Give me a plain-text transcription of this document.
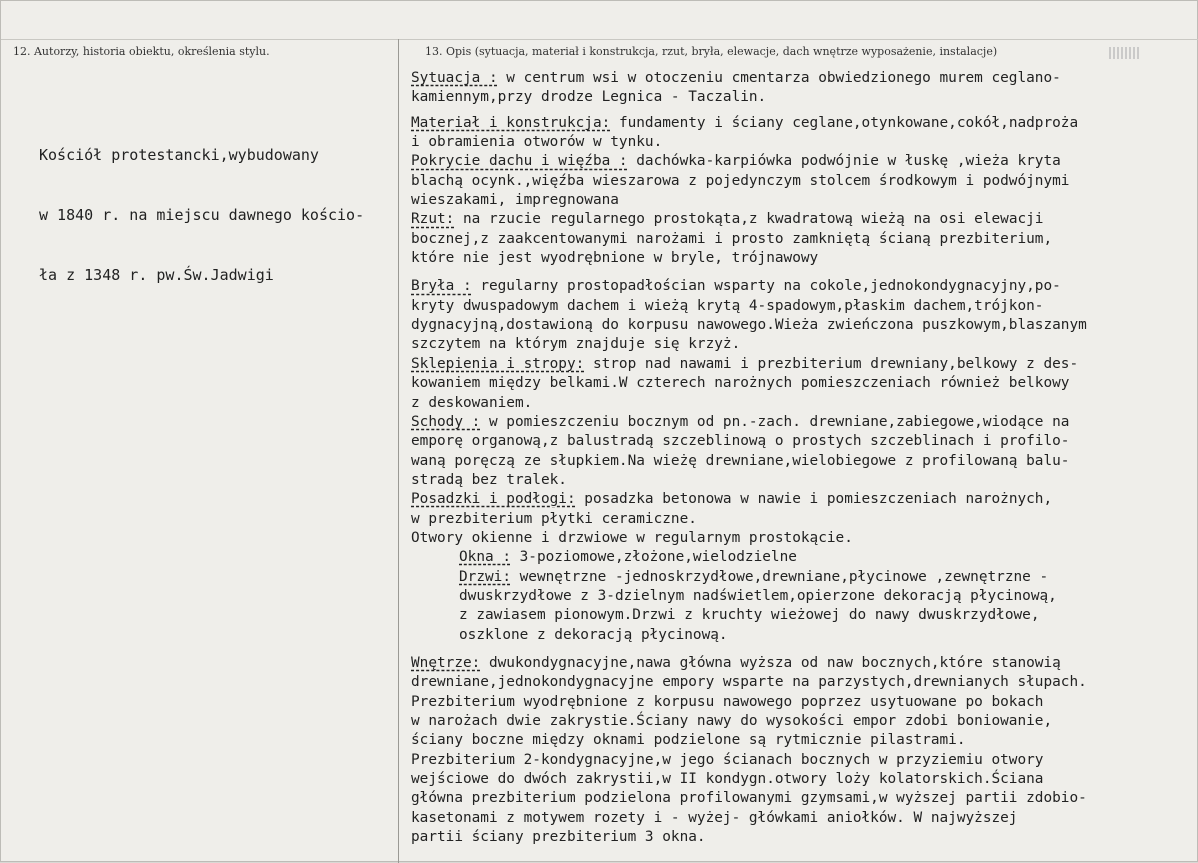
12. Autorzy, historia obiektu, określenia stylu.	13. Opis (sytuacja, materiał i konstrukcja, rzut, bryła, elewacje, dach wnętrze wyposażenie, instalacje)

Kościół protestancki,wybudowany

w 1840 r. na miejscu dawnego kościo-

ła z 1348 r. pw.Św.Jadwigi

Sytuacja : w centrum wsi w otoczeniu cmentarza obwiedzionego murem ceglano-
kamiennym,przy drodze Legnica - Taczalin.
Materiał i konstrukcja: fundamenty i ściany ceglane,otynkowane,cokół,nadproża
i obramienia otworów w tynku.
Pokrycie dachu i więźba : dachówka-karpiówka podwójnie w łuskę ,wieża kryta
blachą ocynk.,więźba wieszarowa z pojedynczym stolcem środkowym i podwójnymi
wieszakami, impregnowana
Rzut: na rzucie regularnego prostokąta,z kwadratową wieżą na osi elewacji
bocznej,z zaakcentowanymi narożami i prosto zamkniętą ścianą prezbiterium,
które nie jest wyodrębnione w bryle, trójnawowy
Bryła : regularny prostopadłościan wsparty na cokole,jednokondygnacyjny,po-
kryty dwuspadowym dachem i wieżą krytą 4-spadowym,płaskim dachem,trójkon-
dygnacyjną,dostawioną do korpusu nawowego.Wieża zwieńczona puszkowym,blaszanym
szczytem na którym znajduje się krzyż.
Sklepienia i stropy: strop nad nawami i prezbiterium drewniany,belkowy z des-
kowaniem między belkami.W czterech narożnych pomieszczeniach również belkowy
z deskowaniem.
Schody : w pomieszczeniu bocznym od pn.-zach. drewniane,zabiegowe,wiodące na
emporę organową,z balustradą szczeblinową o prostych szczeblinach i profilo-
waną poręczą ze słupkiem.Na wieżę drewniane,wielobiegowe z profilowaną balu-
stradą bez tralek.
Posadzki i podłogi: posadzka betonowa w nawie i pomieszczeniach narożnych,
w prezbiterium płytki ceramiczne.
Otwory okienne i drzwiowe w regularnym prostokącie.
Okna : 3-poziomowe,złożone,wielodzielne
Drzwi: wewnętrzne -jednoskrzydłowe,drewniane,płycinowe ,zewnętrzne -
dwuskrzydłowe z 3-dzielnym nadświetlem,opierzone dekoracją płycinową,
z zawiasem pionowym.Drzwi z kruchty wieżowej do nawy dwuskrzydłowe,
oszklone z dekoracją płycinową.
Wnętrze: dwukondygnacyjne,nawa główna wyższa od naw bocznych,które stanowią
drewniane,jednokondygnacyjne empory wsparte na parzystych,drewnianych słupach.
Prezbiterium wyodrębnione z korpusu nawowego poprzez usytuowane po bokach
w narożach dwie zakrystie.Ściany nawy do wysokości empor zdobi boniowanie,
ściany boczne między oknami podzielone są rytmicznie pilastrami.
Prezbiterium 2-kondygnacyjne,w jego ścianach bocznych w przyziemiu otwory
wejściowe do dwóch zakrystii,w II kondygn.otwory loży kolatorskich.Ściana
główna prezbiterium podzielona profilowanymi gzymsami,w wyższej partii zdobio-
kasetonami z motywem rozety i - wyżej- główkami aniołków. W najwyższej
partii ściany prezbiterium 3 okna.
